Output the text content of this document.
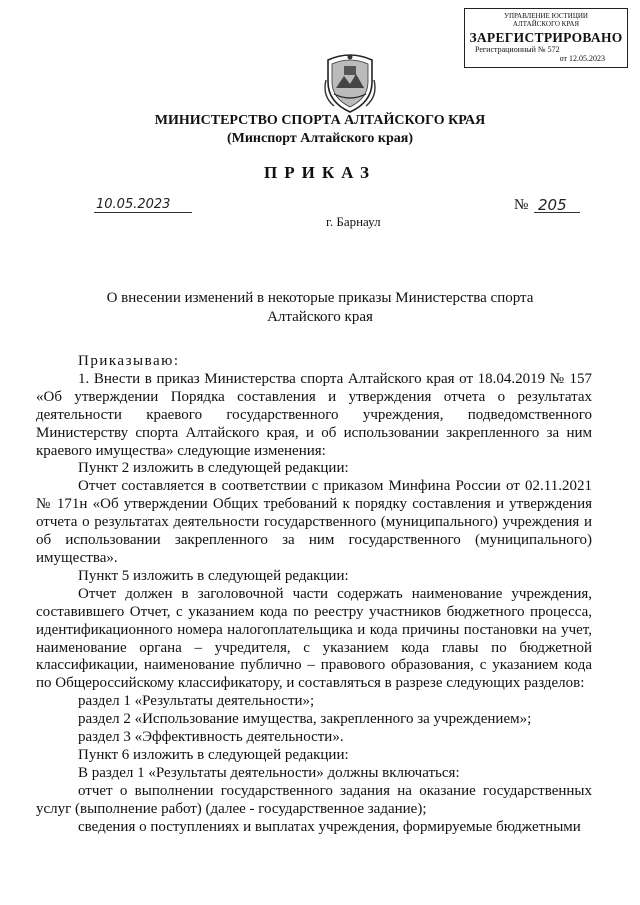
УПРАВЛЕНИЕ ЮСТИЦИИ
АЛТАЙСКОГО КРАЯ
ЗАРЕГИСТРИРОВАНО
Регистрационный № 572
от 12.05.2023
МИНИСТЕРСТВО СПОРТА АЛТАЙСКОГО КРАЯ
(Минспорт Алтайского края)
ПРИКАЗ
10.05.2023	№ 205
г. Барнаул
О внесении изменений в некоторые приказы Министерства спорта Алтайского края

Приказываю:

1. Внести в приказ Министерства спорта Алтайского края от 18.04.2019 № 157 «Об утверждении Порядка составления и утверждения отчета о результатах деятельности краевого государственного учреждения, подведомственного Министерству спорта Алтайского края, и об использовании закрепленного за ним краевого имущества» следующие изменения:

Пункт 2 изложить в следующей редакции:

Отчет составляется в соответствии с приказом Минфина России от 02.11.2021 № 171н «Об утверждении Общих требований к порядку составления и утверждения отчета о результатах деятельности государственного (муниципального) учреждения и об использовании закрепленного за ним государственного (муниципального) имущества».

Пункт 5 изложить в следующей редакции:

Отчет должен в заголовочной части содержать наименование учреждения, составившего Отчет, с указанием кода по реестру участников бюджетного процесса, идентификационного номера налогоплательщика и кода причины постановки на учет, наименование органа – учредителя, с указанием кода главы по бюджетной классификации, наименование публично – правового образования, с указанием кода по Общероссийскому классификатору, и составляться в разрезе следующих разделов:

раздел 1 «Результаты деятельности»;

раздел 2 «Использование имущества, закрепленного за учреждением»;

раздел 3 «Эффективность деятельности».

Пункт 6 изложить в следующей редакции:

В раздел 1 «Результаты деятельности» должны включаться:

отчет о выполнении государственного задания на оказание государственных услуг (выполнение работ) (далее - государственное задание);

сведения о поступлениях и выплатах учреждения, формируемые бюджетными
